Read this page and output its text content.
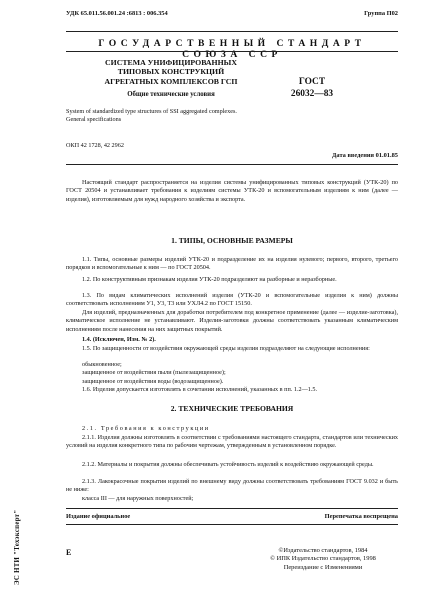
УДК 65.011.56.001.24 :6813 : 006.354	Группа П02
ГОСУДАРСТВЕННЫЙ СТАНДАРТ СОЮЗА ССР
СИСТЕМА УНИФИЦИРОВАННЫХ
ТИПОВЫХ КОНСТРУКЦИЙ
АГРЕГАТНЫХ КОМПЛЕКСОВ ГСП
Общие технические условия
System of standardized type structures of SSI aggregated complexes.
General specifications
ГОСТ
26032—83
ОКП 42 1728, 42 2962
Дата введения 01.01.85
Настоящий стандарт распространяется на изделия системы унифицированных типовых конструкций (УТК-20) по ГОСТ 20504 и устанавливает требования к изделиям системы УТК-20 и вспомогательным изделиям к ним (далее — изделия), изготовляемым для нужд народного хозяйства и экспорта.
1. ТИПЫ, ОСНОВНЫЕ РАЗМЕРЫ
1.1. Типы, основные размеры изделий УТК-20 и подразделение их на изделия нулевого; первого, второго, третьего порядков и вспомогательные к ним — по ГОСТ 20504.
1.2. По конструктивным признакам изделия УТК-20 подразделяют на разборные и неразборные.
1.3. По видам климатических исполнений изделия (УТК-20 и вспомогательные изделия к ним) должны соответствовать исполнениям У1, У3, Т3 или УХЛ4.2 по ГОСТ 15150.
Для изделий, предназначенных для доработки потребителем под конкретное применение (далее — изделие-заготовка), климатическое исполнение не устанавливают. Изделия-заготовки должны соответствовать указанным климатическим исполнениям после нанесения на них защитных покрытий.
1.4. (Исключен, Изм. № 2).
1.5. По защищенности от воздействия окружающей среды изделия подразделяют на следующие исполнения:
обыкновенное;
защищенное от воздействия пыли (пылезащищенное);
защищенное от воздействия воды (водозащищенное).
1.6. Изделия допускается изготовлять в сочетании исполнений, указанных в пп. 1.2—1.5.
2. ТЕХНИЧЕСКИЕ ТРЕБОВАНИЯ
2.1. Требования к конструкции
2.1.1. Изделия должны изготовлять в соответствии с требованиями настоящего стандарта, стандартов или технических условий на изделия конкретного типа по рабочим чертежам, утвержденным в установленном порядке.
2.1.2. Материалы и покрытия должны обеспечивать устойчивость изделий к воздействию окружающей среды.
2.1.3. Лакокрасочные покрытия изделий по внешнему виду должны соответствовать требованиям ГОСТ 9.032 и быть не ниже:
класса III — для наружных поверхностей;
Издание официальное	Перепечатка воспрещена
E	©Издательство стандартов, 1984
© ИПК Издательство стандартов, 1998
Переиздание с Изменениями
ЭС НТИ "Техэксперт"
